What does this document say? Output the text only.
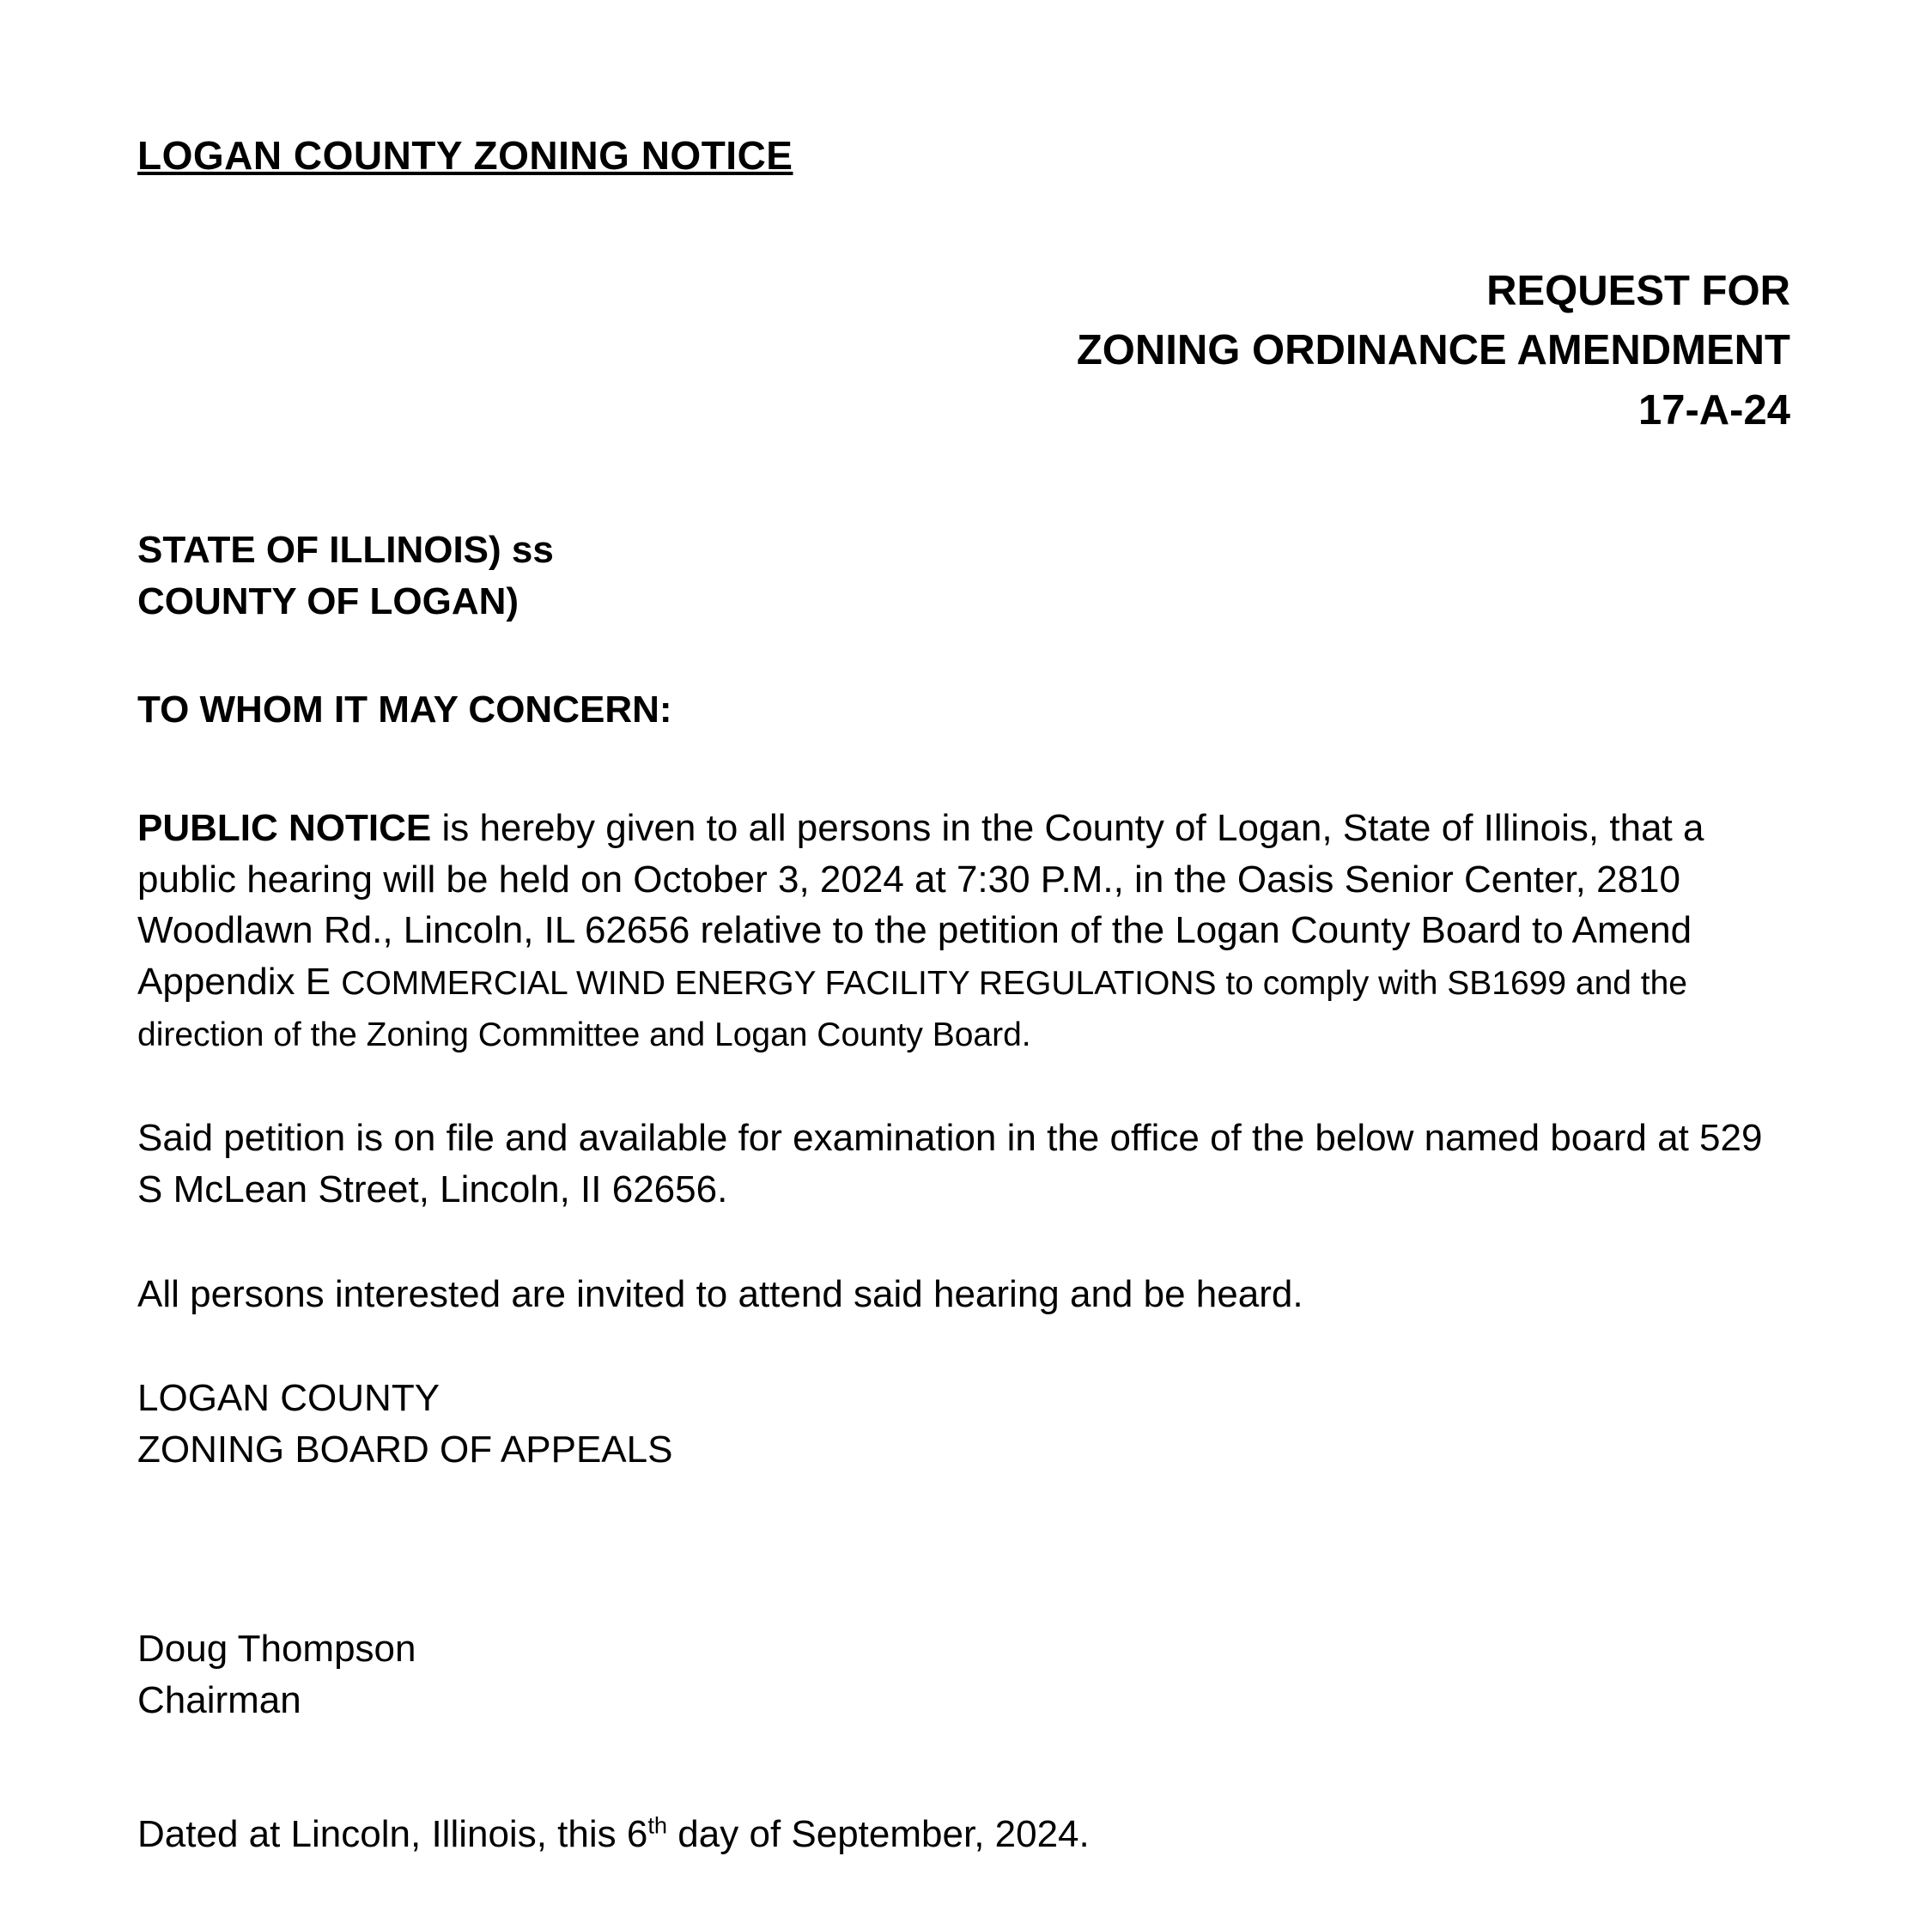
LOGAN COUNTY ZONING NOTICE
REQUEST FOR
ZONING ORDINANCE AMENDMENT
17-A-24
STATE OF ILLINOIS) ss
COUNTY OF LOGAN)
TO WHOM IT MAY CONCERN:

PUBLIC NOTICE is hereby given to all persons in the County of Logan, State of Illinois, that a public hearing will be held on October 3, 2024 at 7:30 P.M., in the Oasis Senior Center, 2810 Woodlawn Rd., Lincoln, IL 62656 relative to the petition of the Logan County Board to Amend Appendix E COMMERCIAL WIND ENERGY FACILITY REGULATIONS to comply with SB1699 and the direction of the Zoning Committee and Logan County Board.

Said petition is on file and available for examination in the office of the below named board at 529 S McLean Street, Lincoln, II 62656.

All persons interested are invited to attend said hearing and be heard.

LOGAN COUNTY
ZONING BOARD OF APPEALS
Doug Thompson
Chairman

Dated at Lincoln, Illinois, this 6th day of September, 2024.
